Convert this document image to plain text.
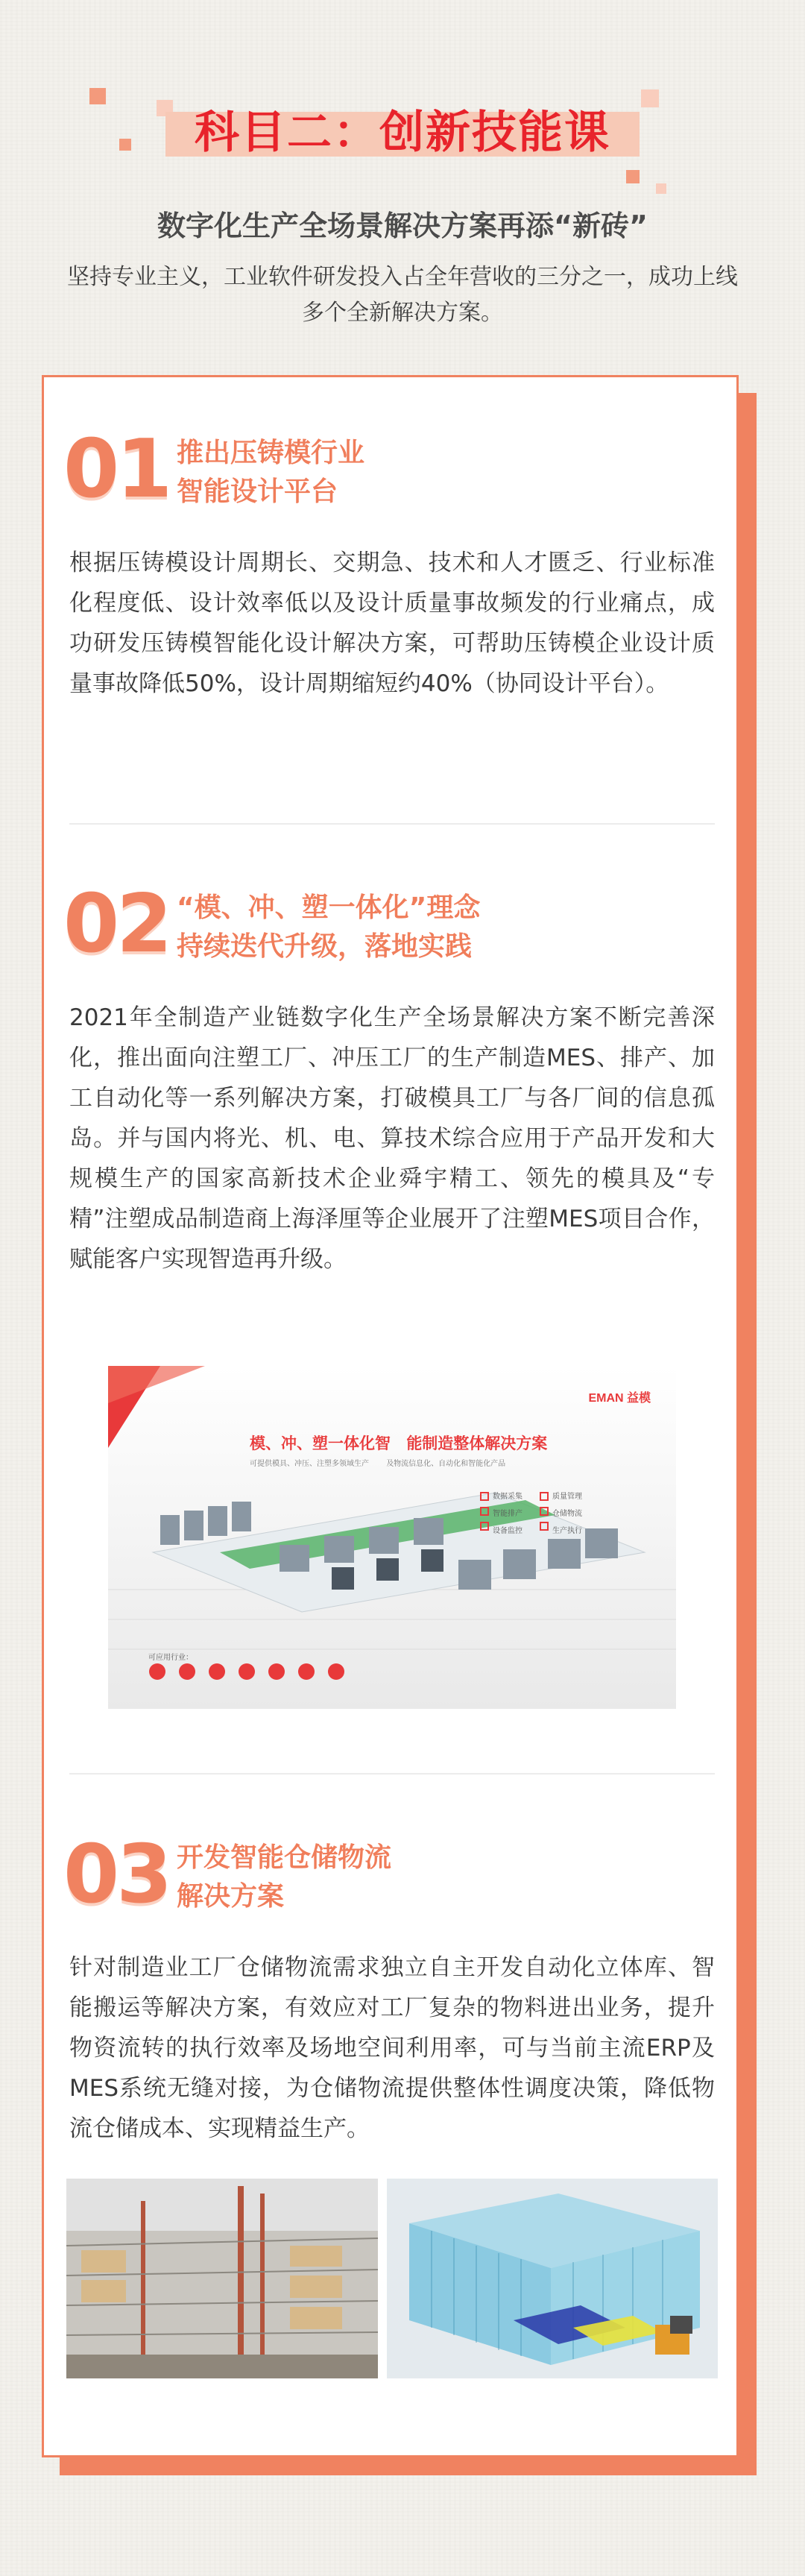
科目二：创新技能课
数字化生产全场景解决方案再添“新砖”
坚持专业主义，工业软件研发投入占全年营收的三分之一，成功上线多个全新解决方案。
01 推出压铸模行业
智能设计平台
根据压铸模设计周期长、交期急、技术和人才匮乏、行业标准化程度低、设计效率低以及设计质量事故频发的行业痛点，成功研发压铸模智能化设计解决方案，可帮助压铸模企业设计质量事故降低50%，设计周期缩短约40%（协同设计平台）。
02 “模、冲、塑一体化”理念
持续迭代升级，落地实践
2021年全制造产业链数字化生产全场景解决方案不断完善深化，推出面向注塑工厂、冲压工厂的生产制造MES、排产、加工自动化等一系列解决方案，打破模具工厂与各厂间的信息孤岛。并与国内将光、机、电、算技术综合应用于产品开发和大规模生产的国家高新技术企业舜宇精工、领先的模具及“专精”注塑成品制造商上海泽厘等企业展开了注塑MES项目合作，赋能客户实现智造再升级。
EMAN 益模
模、冲、塑一体化智 能制造整体解决方案
可提供模具、冲压、注塑多领域生产 及物流信息化、自动化和智能化产品
数据采集	质量管理
智能排产	仓储物流
设备监控	生产执行
可应用行业：
03 开发智能仓储物流
解决方案
针对制造业工厂仓储物流需求独立自主开发自动化立体库、智能搬运等解决方案，有效应对工厂复杂的物料进出业务，提升物资流转的执行效率及场地空间利用率，可与当前主流ERP及MES系统无缝对接，为仓储物流提供整体性调度决策，降低物流仓储成本、实现精益生产。
